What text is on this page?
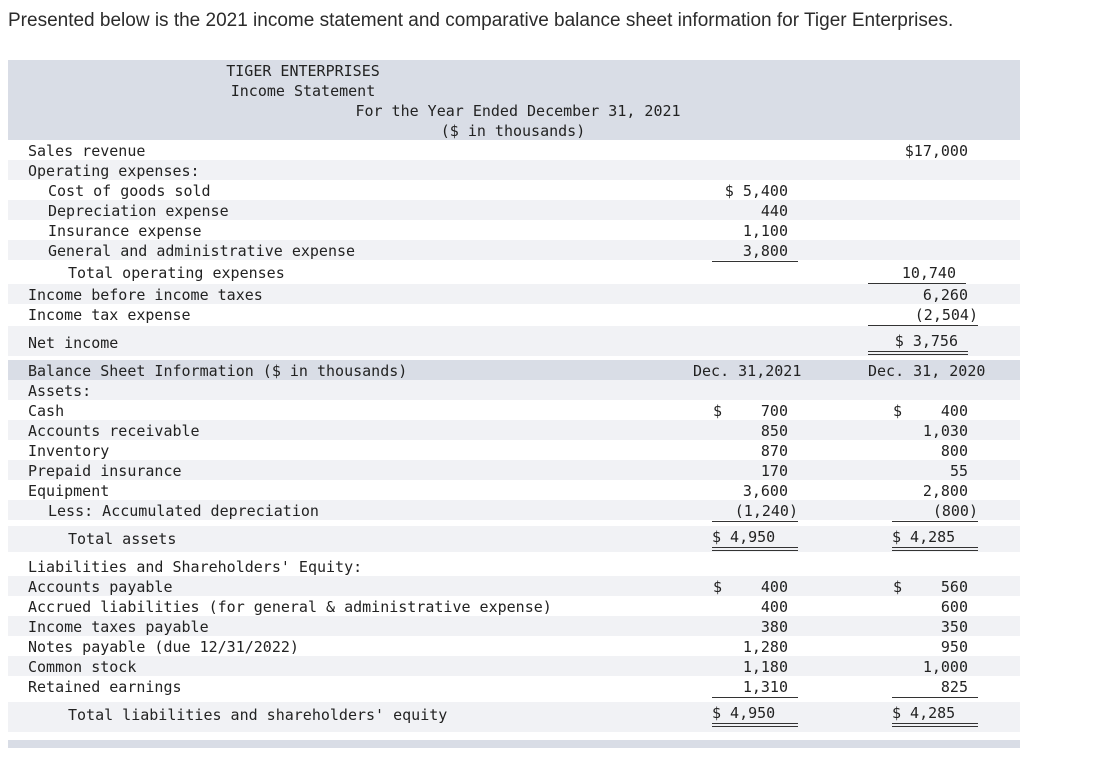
Presented below is the 2021 income statement and comparative balance sheet information for Tiger Enterprises.
TIGER ENTERPRISES
Income Statement
For the Year Ended December 31, 2021
($ in thousands)
Sales revenue	$17,000
Operating expenses:
Cost of goods sold	$ 5,400
Depreciation expense	440
Insurance expense	1,100
General and administrative expense	3,800
Total operating expenses	10,740
Income before income taxes	6,260
Income tax expense	(2,504)
Net income	$ 3,756
Balance Sheet Information ($ in thousands)	Dec. 31,2021	Dec. 31, 2020
Assets:
Cash	$	700	$	400
Accounts receivable	850	1,030
Inventory	870	800
Prepaid insurance	170	55
Equipment	3,600	2,800
Less: Accumulated depreciation	(1,240)	(800)
Total assets	$ 4,950	$ 4,285
Liabilities and Shareholders' Equity:
Accounts payable	$	400	$	560
Accrued liabilities (for general & administrative expense)	400	600
Income taxes payable	380	350
Notes payable (due 12/31/2022)	1,280	950
Common stock	1,180	1,000
Retained earnings	1,310	825
Total liabilities and shareholders' equity	$ 4,950	$ 4,285
